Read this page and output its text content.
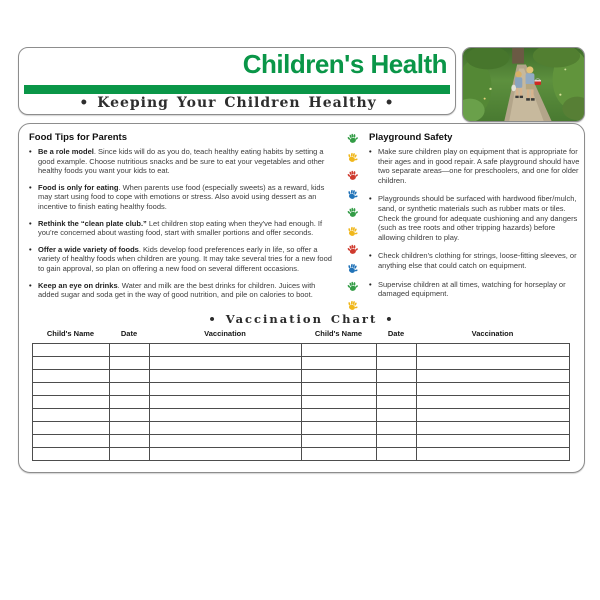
Children's Health
• Keeping Your Children Healthy •
Food Tips for Parents
• Be a role model. Since kids will do as you do, teach healthy eating habits by setting a good example. Choose nutritious snacks and be sure to eat your vegetables and other healthy foods you want your kids to eat.
• Food is only for eating. When parents use food (especially sweets) as a reward, kids may start using food to cope with emotions or stress. Also avoid using dessert as an incentive to finish eating healthy foods.
• Rethink the “clean plate club.” Let children stop eating when they've had enough. If you're concerned about wasting food, start with smaller portions and offer seconds.
• Offer a wide variety of foods. Kids develop food preferences early in life, so offer a variety of healthy foods when children are young. It may take several tries for a new food to gain approval, so plan on offering a new food on several different occasions.
• Keep an eye on drinks. Water and milk are the best drinks for children. Juices with added sugar and soda get in the way of good nutrition, and pile on calories to boot.
Playground Safety
• Make sure children play on equipment that is appropriate for their ages and in good repair. A safe playground should have two separate areas—one for preschoolers, and one for older children.
• Playgrounds should be surfaced with hardwood fiber/mulch, sand, or synthetic materials such as rubber mats or tiles. Check the ground for adequate cushioning and any dangers (such as tree roots and other tripping hazards) before allowing children to play.
• Check children's clothing for strings, loose-fitting sleeves, or anything else that could catch on equipment.
• Supervise children at all times, watching for horseplay or damaged equipment.
• Vaccination Chart •
Child's Name	Date	Vaccination	Child's Name	Date	Vaccination
